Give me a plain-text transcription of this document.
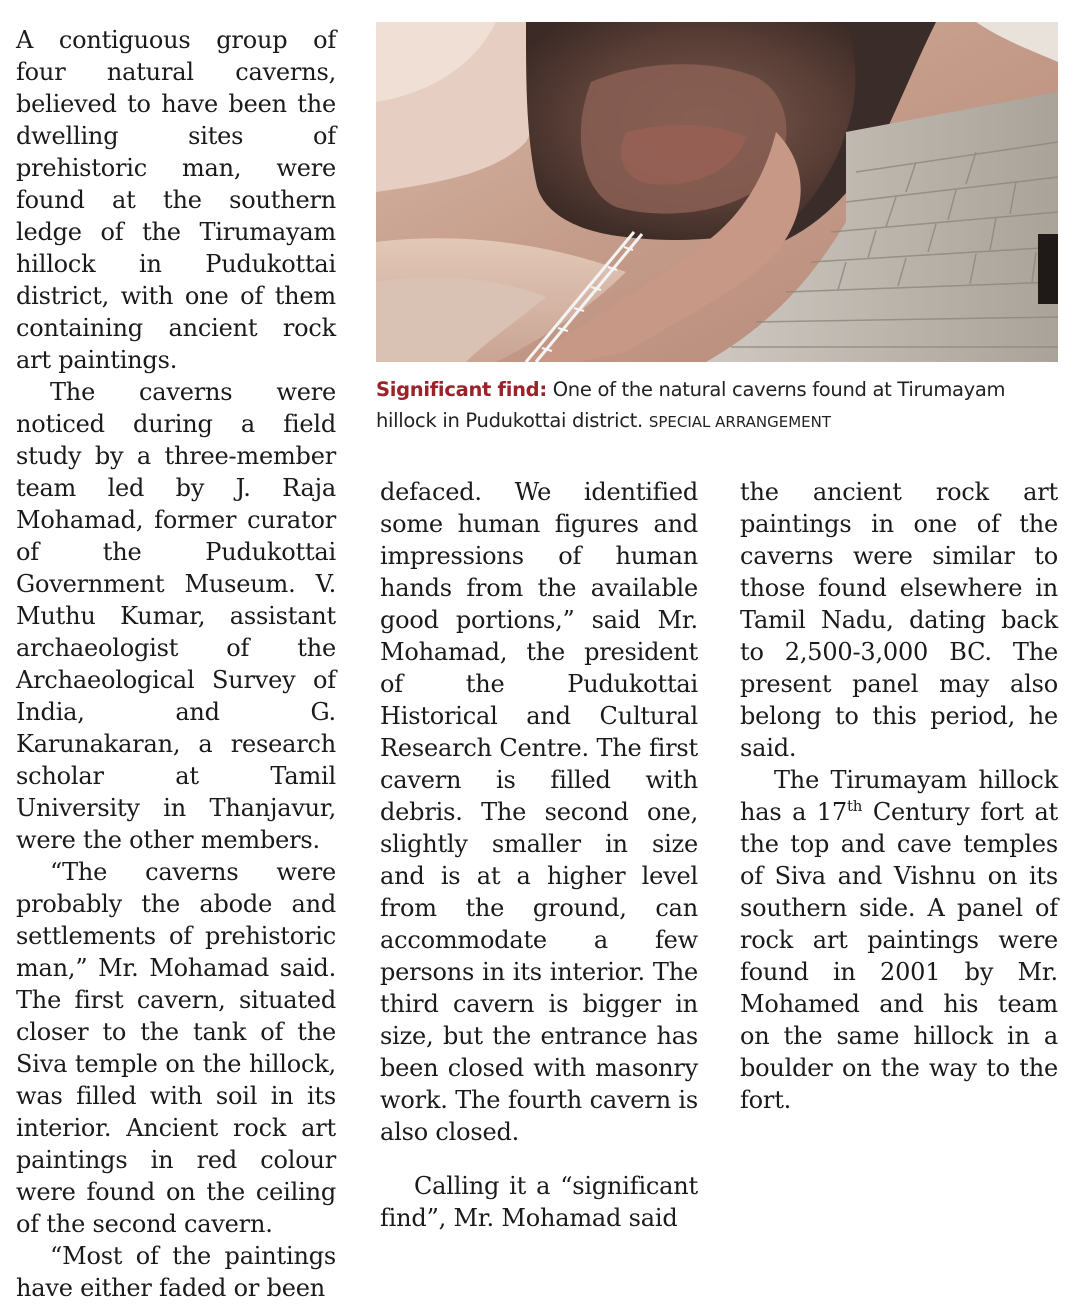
A contiguous group of four natural caverns, believed to have been the dwelling sites of prehistoric man, were found at the southern ledge of the Tirumayam hillock in Pudukottai district, with one of them containing ancient rock art paintings.

The caverns were noticed during a field study by a three-member team led by J. Raja Mohamad, former curator of the Pudukottai Government Museum. V. Muthu Kumar, assistant archaeologist of the Archaeological Survey of India, and G. Karunakaran, a research scholar at Tamil University in Thanjavur, were the other members.

“The caverns were probably the abode and settlements of prehistoric man,” Mr. Mohamad said. The first cavern, situated closer to the tank of the Siva temple on the hillock, was filled with soil in its interior. Ancient rock art paintings in red colour were found on the ceiling of the second cavern.

“Most of the paintings have either faded or been

Significant find: One of the natural caverns found at Tirumayam hillock in Pudukottai district. SPECIAL ARRANGEMENT

defaced. We identified some human figures and impressions of human hands from the available good portions,” said Mr. Mohamad, the president of the Pudukottai Historical and Cultural Research Centre. The first cavern is filled with debris. The second one, slightly smaller in size and is at a higher level from the ground, can accommodate a few persons in its interior. The third cavern is bigger in size, but the entrance has been closed with masonry work. The fourth cavern is also closed.

Calling it a “significant find”, Mr. Mohamad said

the ancient rock art paintings in one of the caverns were similar to those found elsewhere in Tamil Nadu, dating back to 2,500-3,000 BC. The present panel may also belong to this period, he said.

The Tirumayam hillock has a 17th Century fort at the top and cave temples of Siva and Vishnu on its southern side. A panel of rock art paintings were found in 2001 by Mr. Mohamed and his team on the same hillock in a boulder on the way to the fort.
